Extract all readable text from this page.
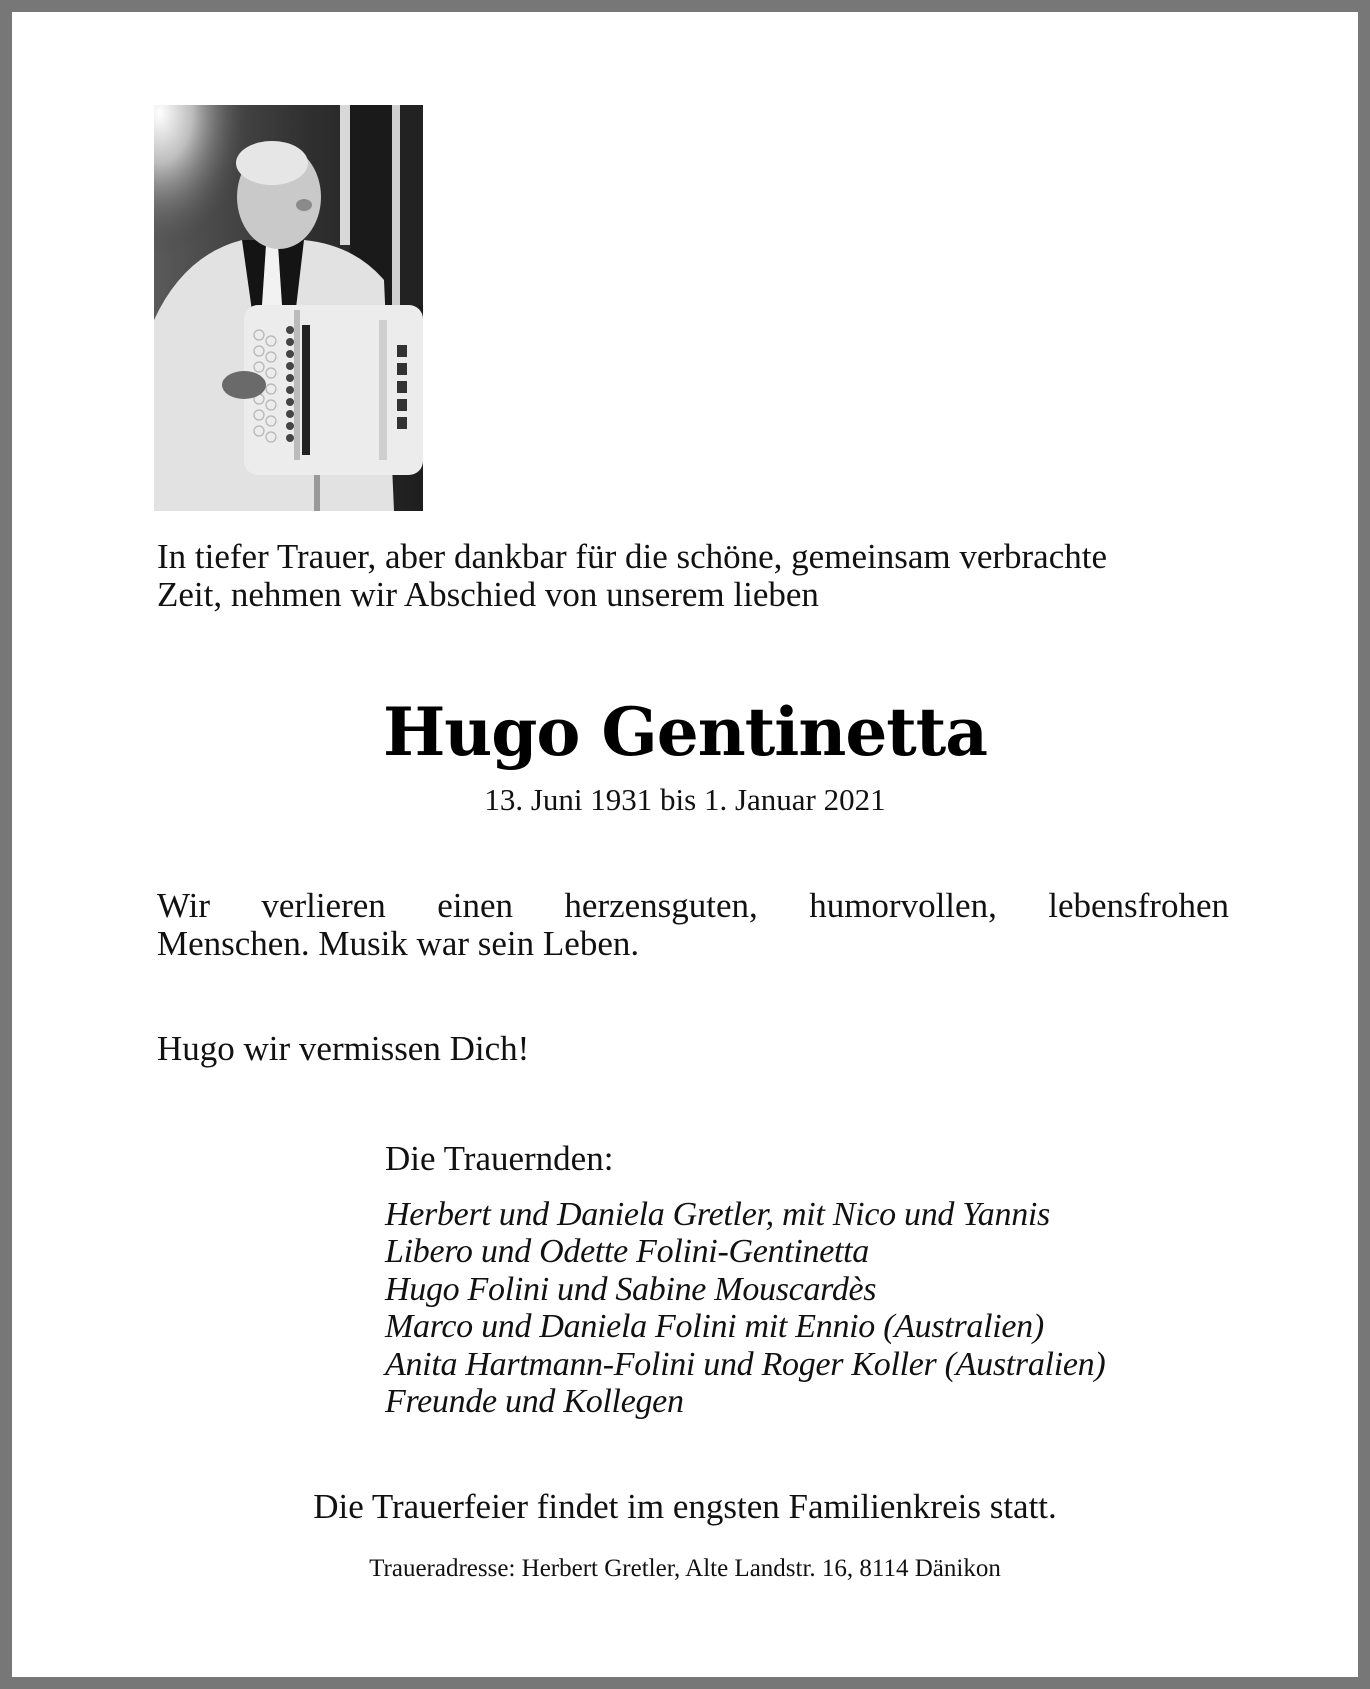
In tiefer Trauer, aber dankbar für die schöne, gemeinsam verbrachte
Zeit, nehmen wir Abschied von unserem lieben

Hugo Gentinetta

13. Juni 1931 bis 1. Januar 2021

Wir verlieren einen herzensguten, humorvollen, lebensfrohen
Menschen. Musik war sein Leben.

Hugo wir vermissen Dich!

Die Trauernden:

Herbert und Daniela Gretler, mit Nico und Yannis
Libero und Odette Folini-Gentinetta
Hugo Folini und Sabine Mouscardès
Marco und Daniela Folini mit Ennio (Australien)
Anita Hartmann-Folini und Roger Koller (Australien)
Freunde und Kollegen

Die Trauerfeier findet im engsten Familienkreis statt.

Traueradresse: Herbert Gretler, Alte Landstr. 16, 8114 Dänikon
